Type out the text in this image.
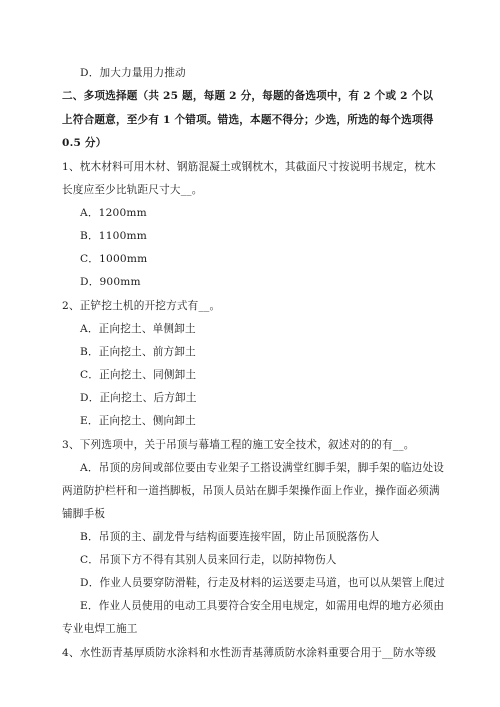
D．加大力量用力推动
二、多项选择题（共 25 题，每题 2 分，每题的备选项中，有 2 个或 2 个以
上符合题意，至少有 1 个错项。错选，本题不得分；少选，所选的每个选项得
0.5 分）
1、枕木材料可用木材、钢筋混凝土或钢枕木，其截面尺寸按说明书规定，枕木
长度应至少比轨距尺寸大__。
A．1200mm
B．1100mm
C．1000mm
D．900mm
2、正铲挖土机的开挖方式有__。
A．正向挖土、单侧卸土
B．正向挖土、前方卸土
C．正向挖土、同侧卸土
D．正向挖土、后方卸土
E．正向挖土、侧向卸土
3、下列选项中，关于吊顶与幕墙工程的施工安全技术，叙述对的的有__。
A．吊顶的房间或部位要由专业架子工搭设满堂红脚手架，脚手架的临边处设
两道防护栏杆和一道挡脚板，吊顶人员站在脚手架操作面上作业，操作面必须满
铺脚手板
B．吊顶的主、副龙骨与结构面要连接牢固，防止吊顶脱落伤人
C．吊顶下方不得有其别人员来回行走，以防掉物伤人
D．作业人员要穿防滑鞋，行走及材料的运送要走马道，也可以从架管上爬过
E．作业人员使用的电动工具要符合安全用电规定，如需用电焊的地方必须由
专业电焊工施工
4、水性沥青基厚质防水涂料和水性沥青基薄质防水涂料重要合用于__防水等级
